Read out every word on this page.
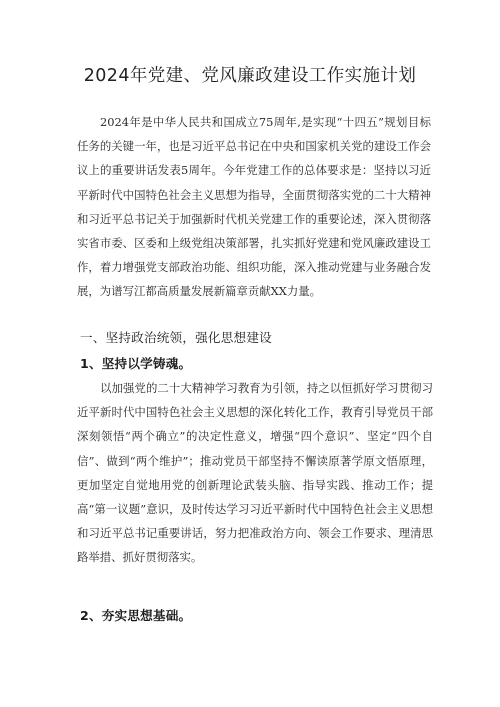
2024年党建、党风廉政建设工作实施计划

2024年是中华人民共和国成立75周年,是实现“十四五”规划目标任务的关键一年，也是习近平总书记在中央和国家机关党的建设工作会议上的重要讲话发表5周年。今年党建工作的总体要求是：坚持以习近平新时代中国特色社会主义思想为指导，全面贯彻落实党的二十大精神和习近平总书记关于加强新时代机关党建工作的重要论述，深入贯彻落实省市委、区委和上级党组决策部署，扎实抓好党建和党风廉政建设工作，着力增强党支部政治功能、组织功能，深入推动党建与业务融合发展，为谱写江都高质量发展新篇章贡献XX力量。

一、坚持政治统领，强化思想建设
1、坚持以学铸魂。

以加强党的二十大精神学习教育为引领，持之以恒抓好学习贯彻习近平新时代中国特色社会主义思想的深化转化工作，教育引导党员干部深刻领悟“两个确立”的决定性意义，增强“四个意识”、坚定“四个自信”、做到“两个维护”；推动党员干部坚持不懈读原著学原文悟原理，更加坚定自觉地用党的创新理论武装头脑、指导实践、推动工作；提高“第一议题”意识，及时传达学习习近平新时代中国特色社会主义思想和习近平总书记重要讲话，努力把准政治方向、领会工作要求、理清思路举措、抓好贯彻落实。

2、夯实思想基础。
